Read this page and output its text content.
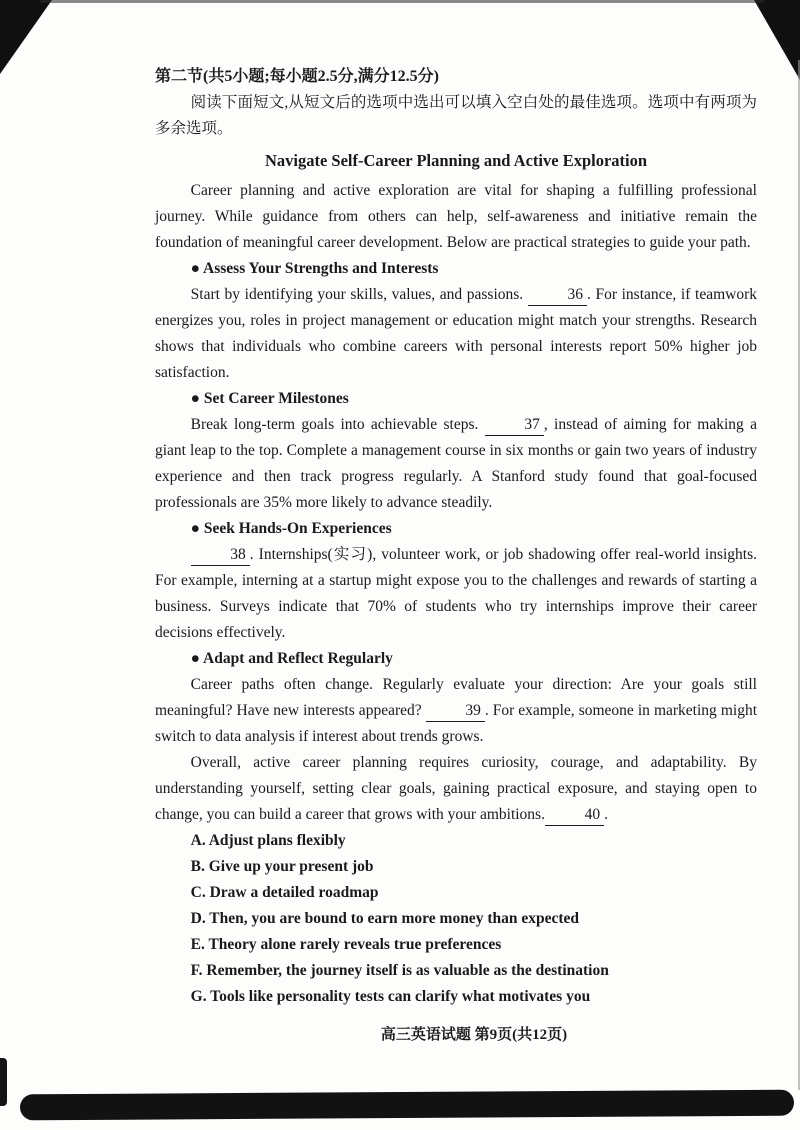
第二节(共5小题;每小题2.5分,满分12.5分)

阅读下面短文,从短文后的选项中选出可以填入空白处的最佳选项。选项中有两项为多余选项。

Navigate Self-Career Planning and Active Exploration

Career planning and active exploration are vital for shaping a fulfilling professional journey. While guidance from others can help, self-awareness and initiative remain the foundation of meaningful career development. Below are practical strategies to guide your path.

● Assess Your Strengths and Interests

Start by identifying your skills, values, and passions.	36 . For instance, if teamwork energizes you, roles in project management or education might match your strengths. Research shows that individuals who combine careers with personal interests report 50% higher job satisfaction.

● Set Career Milestones

Break long-term goals into achievable steps.	37 , instead of aiming for making a giant leap to the top. Complete a management course in six months or gain two years of industry experience and then track progress regularly. A Stanford study found that goal-focused professionals are 35% more likely to advance steadily.

● Seek Hands-On Experiences

38 . Internships(实习), volunteer work, or job shadowing offer real-world insights. For example, interning at a startup might expose you to the challenges and rewards of starting a business. Surveys indicate that 70% of students who try internships improve their career decisions effectively.

● Adapt and Reflect Regularly

Career paths often change. Regularly evaluate your direction: Are your goals still meaningful? Have new interests appeared?	39 . For example, someone in marketing might switch to data analysis if interest about trends grows.

Overall, active career planning requires curiosity, courage, and adaptability. By understanding yourself, setting clear goals, gaining practical exposure, and staying open to change, you can build a career that grows with your ambitions.	40 .

A. Adjust plans flexibly

B. Give up your present job

C. Draw a detailed roadmap

D. Then, you are bound to earn more money than expected

E. Theory alone rarely reveals true preferences

F. Remember, the journey itself is as valuable as the destination

G. Tools like personality tests can clarify what motivates you

高三英语试题 第9页(共12页)
